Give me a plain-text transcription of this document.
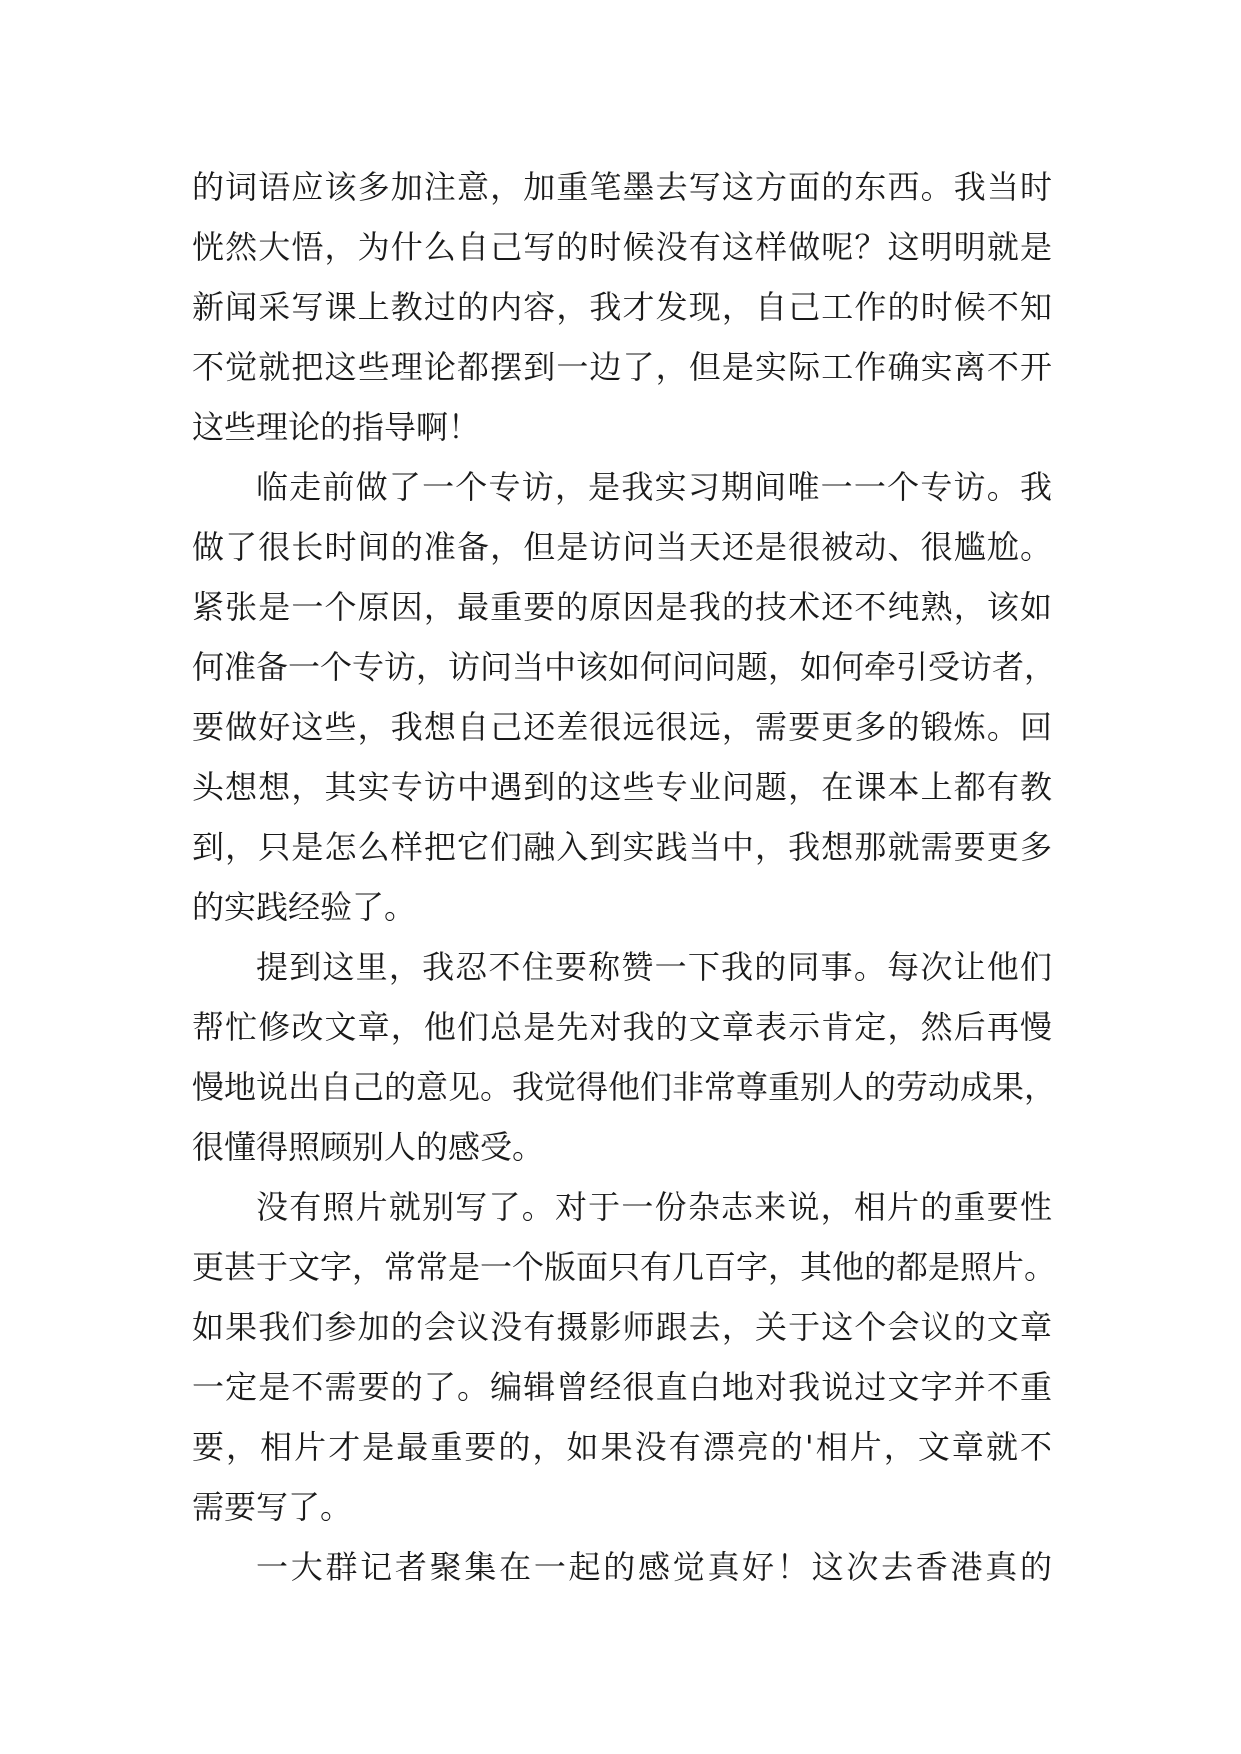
的词语应该多加注意，加重笔墨去写这方面的东西。我当时
恍然大悟，为什么自己写的时候没有这样做呢？这明明就是
新闻采写课上教过的内容，我才发现，自己工作的时候不知
不觉就把这些理论都摆到一边了，但是实际工作确实离不开
这些理论的指导啊！
临走前做了一个专访，是我实习期间唯一一个专访。我
做了很长时间的准备，但是访问当天还是很被动、很尴尬。
紧张是一个原因，最重要的原因是我的技术还不纯熟，该如
何准备一个专访，访问当中该如何问问题，如何牵引受访者，
要做好这些，我想自己还差很远很远，需要更多的锻炼。回
头想想，其实专访中遇到的这些专业问题，在课本上都有教
到，只是怎么样把它们融入到实践当中，我想那就需要更多
的实践经验了。
提到这里，我忍不住要称赞一下我的同事。每次让他们
帮忙修改文章，他们总是先对我的文章表示肯定，然后再慢
慢地说出自己的意见。我觉得他们非常尊重别人的劳动成果，
很懂得照顾别人的感受。
没有照片就别写了。对于一份杂志来说，相片的重要性
更甚于文字，常常是一个版面只有几百字，其他的都是照片。
如果我们参加的会议没有摄影师跟去，关于这个会议的文章
一定是不需要的了。编辑曾经很直白地对我说过文字并不重
要，相片才是最重要的，如果没有漂亮的'相片，文章就不
需要写了。
一大群记者聚集在一起的感觉真好！这次去香港真的
